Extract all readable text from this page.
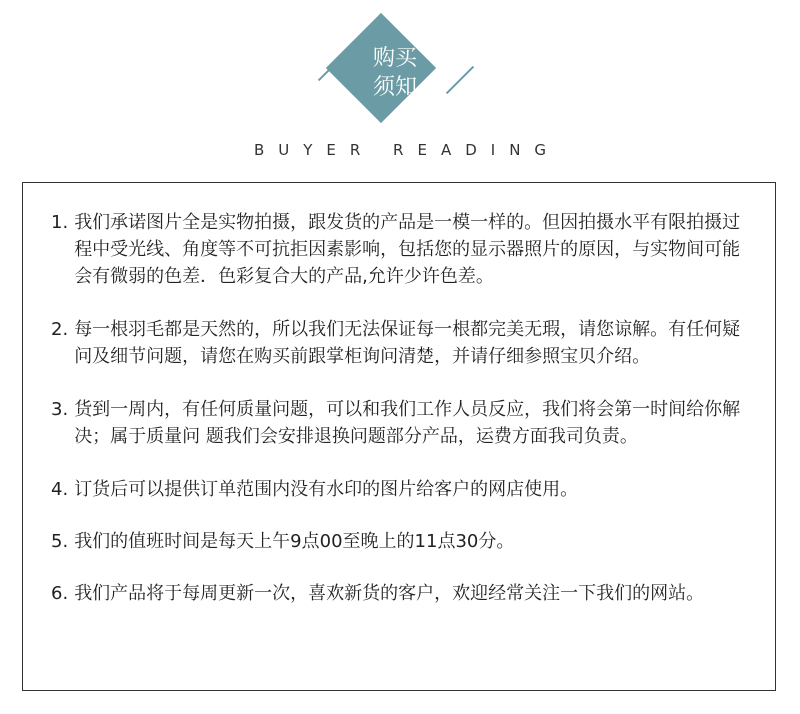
购买
须知
BUYER READING
1. 我们承诺图片全是实物拍摄，跟发货的产品是一模一样的。但因拍摄水平有限拍摄过程中受光线、角度等不可抗拒因素影响，包括您的显示器照片的原因，与实物间可能会有微弱的色差．色彩复合大的产品,允许少许色差。
2. 每一根羽毛都是天然的，所以我们无法保证每一根都完美无瑕，请您谅解。有任何疑问及细节问题，请您在购买前跟掌柜询问清楚，并请仔细参照宝贝介绍。
3. 货到一周内，有任何质量问题，可以和我们工作人员反应，我们将会第一时间给你解决；属于质量问 题我们会安排退换问题部分产品，运费方面我司负责。
4. 订货后可以提供订单范围内没有水印的图片给客户的网店使用。
5. 我们的值班时间是每天上午9点00至晚上的11点30分。
6. 我们产品将于每周更新一次，喜欢新货的客户，欢迎经常关注一下我们的网站。
